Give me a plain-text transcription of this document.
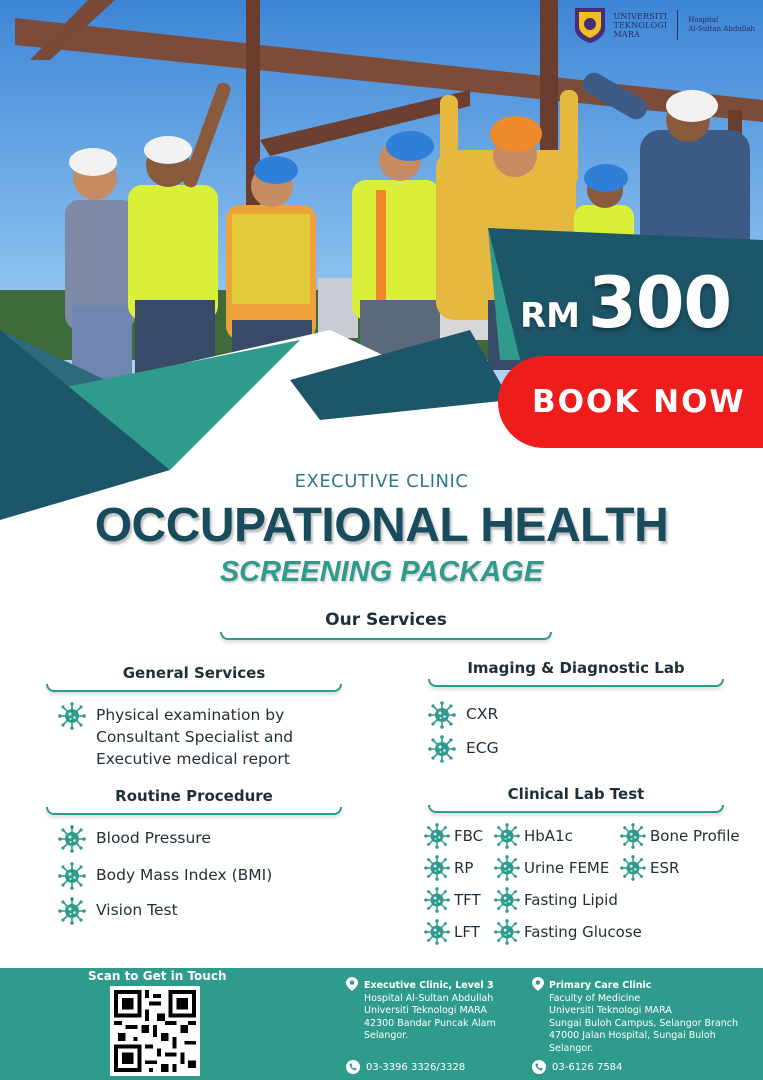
UNIVERSITI
TEKNOLOGI
MARA
Hospital
Al-Sultan Abdullah
RM 300
BOOK NOW
EXECUTIVE CLINIC
OCCUPATIONAL HEALTH
SCREENING PACKAGE
Our Services
General Services
Physical examination by
Consultant Specialist and
Executive medical report
Routine Procedure
Blood Pressure
Body Mass Index (BMI)
Vision Test
Imaging & Diagnostic Lab
CXR
ECG
Clinical Lab Test
FBC
RP
TFT
LFT
HbA1c
Urine FEME
Fasting Lipid
Fasting Glucose
Bone Profile
ESR
Scan to Get in Touch
Executive Clinic, Level 3
Hospital Al-Sultan Abdullah
Universiti Teknologi MARA
42300 Bandar Puncak Alam
Selangor.
03-3396 3326/3328
Primary Care Clinic
Faculty of Medicine
Universiti Teknologi MARA
Sungai Buloh Campus, Selangor Branch
47000 Jalan Hospital, Sungai Buloh
Selangor.
03-6126 7584
